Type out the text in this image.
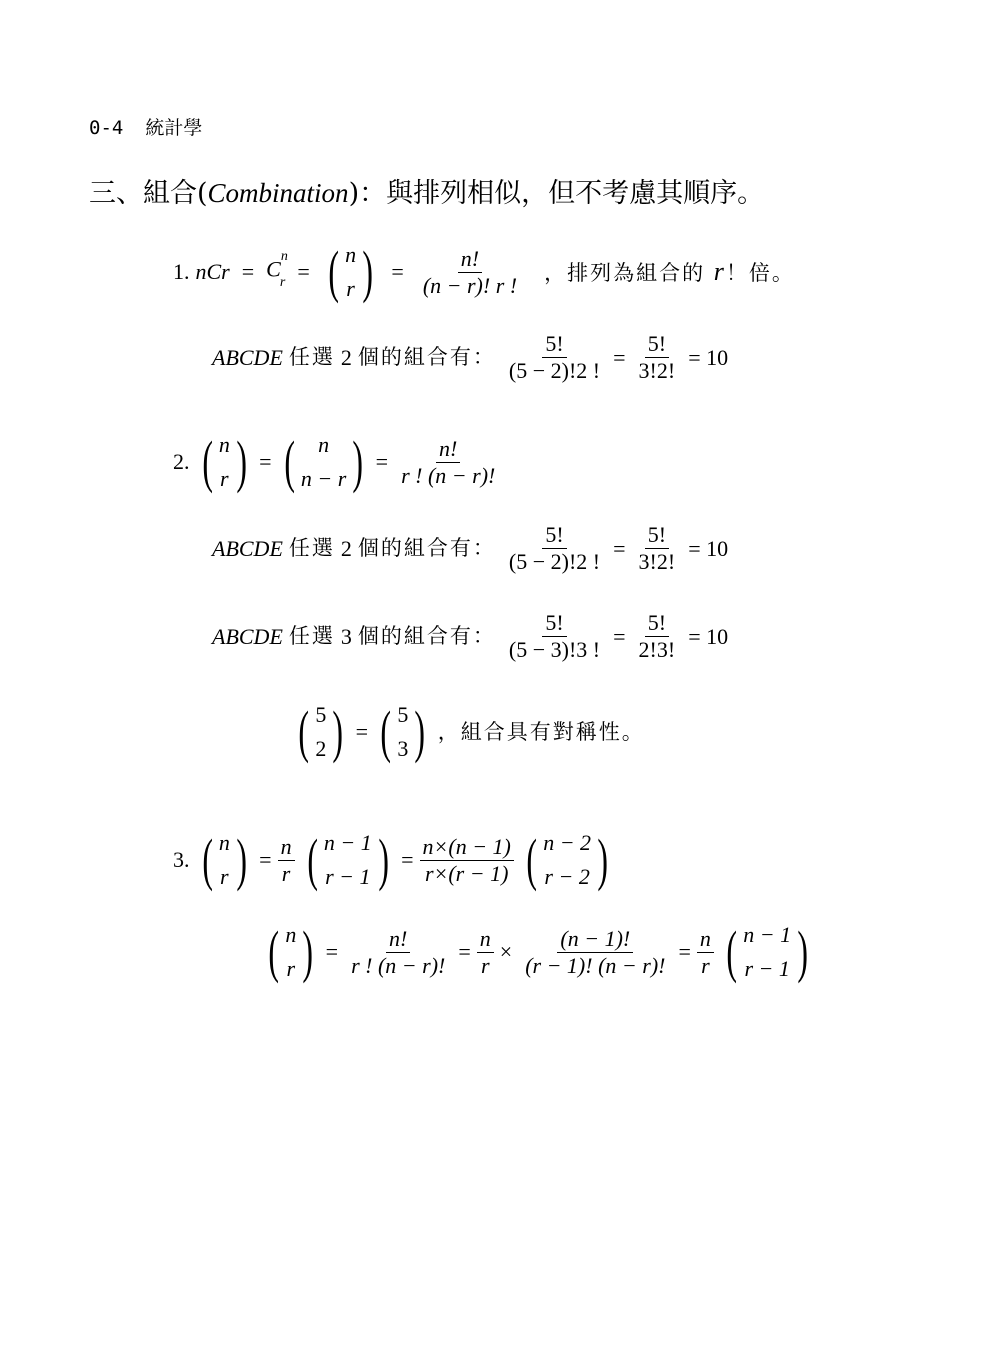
0-4 統計學
三、組合(Combination)：與排列相似，但不考慮其順序。
1. nCr = $C^n_r$ = ( n
r ) = $\frac{n!}{(n - r)! r !}$ ，排列為組合的 r！倍。
ABCDE 任選 2 個的組合有： $\frac{5!}{(5 - 2)!2 !} = \frac{5!}{3!2!} = 10$
2. ( n
r ) = ( n
n − r ) = $\frac{n!}{r ! (n - r)!}$
ABCDE 任選 2 個的組合有： $\frac{5!}{(5 - 2)!2 !} = \frac{5!}{3!2!} = 10$
ABCDE 任選 3 個的組合有： $\frac{5!}{(5 - 3)!3 !} = \frac{5!}{2!3!} = 10$
( 5
2 ) = ( 5
3 ) ，組合具有對稱性。
3. ( n
r ) = $\frac{n}{r}$ ( n − 1
r − 1 ) = $\frac{n\times(n - 1)}{r\times(r - 1)}$ ( n − 2
r − 2 )
( n
r ) = $\frac{n!}{r ! (n - r)!} = \frac{n}{r} \times \frac{(n - 1)!}{(r - 1)! (n - r)!} = \frac{n}{r}$ ( n − 1
r − 1 )
